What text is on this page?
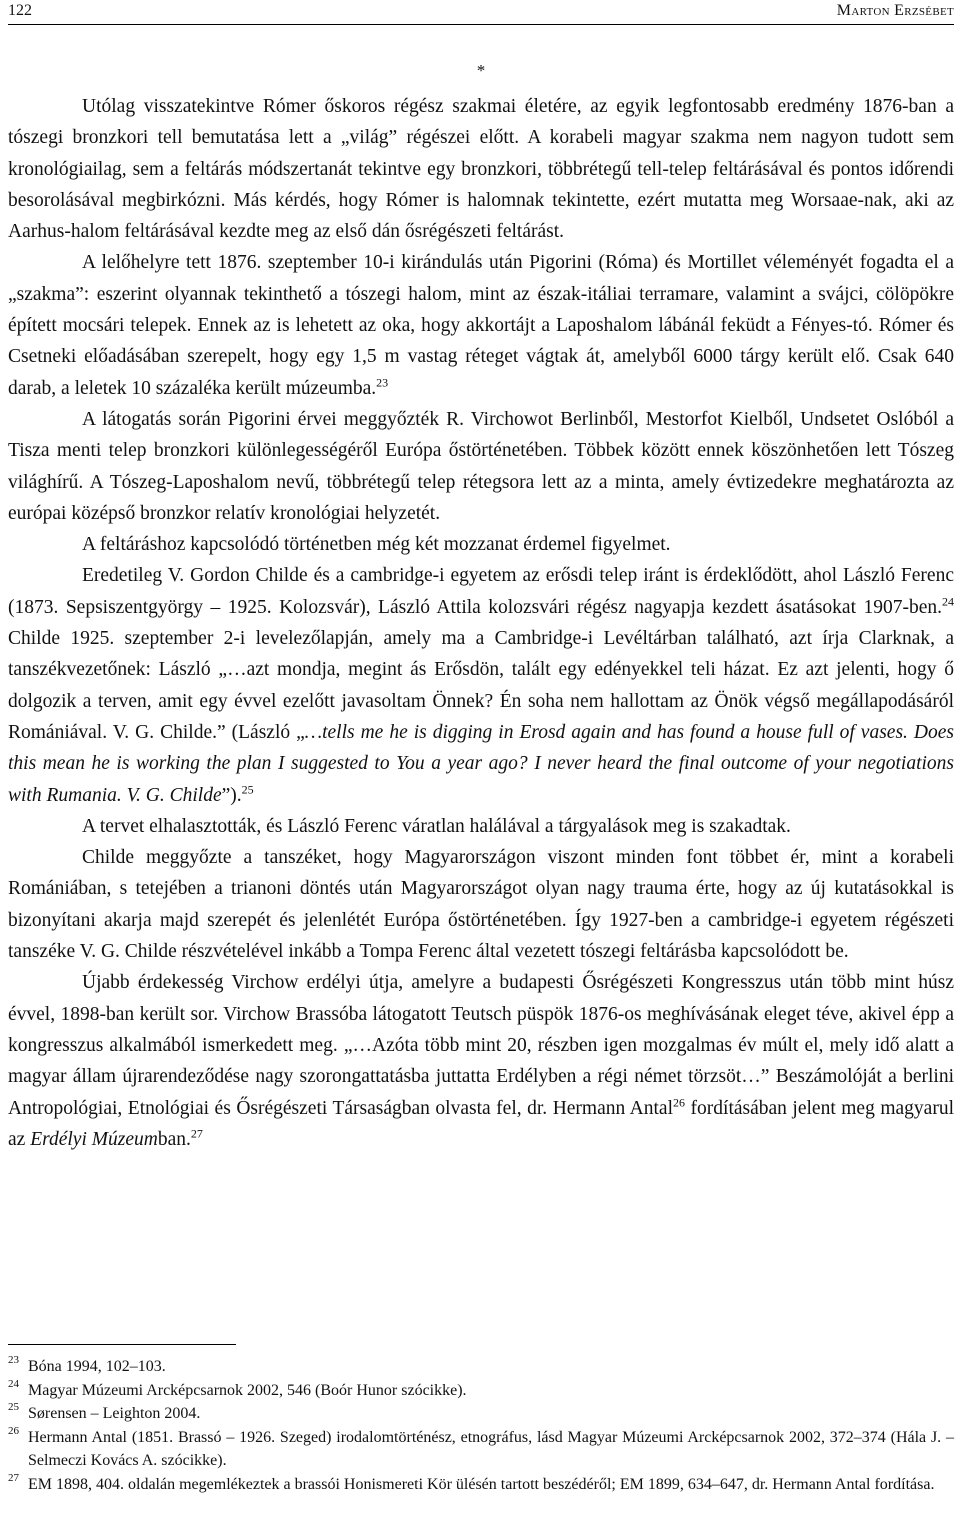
122	Marton Erzsébet
*

Utólag visszatekintve Rómer őskoros régész szakmai életére, az egyik legfontosabb eredmény 1876-ban a tószegi bronzkori tell bemutatása lett a „világ” régészei előtt. A korabeli magyar szakma nem nagyon tudott sem kronológiailag, sem a feltárás módszertanát tekintve egy bronzkori, többrétegű tell-telep feltárásával és pontos időrendi besorolásával megbirkózni. Más kérdés, hogy Rómer is halomnak tekintette, ezért mutatta meg Worsaae-nak, aki az Aarhus-halom feltárásával kezdte meg az első dán ősrégészeti feltárást.

A lelőhelyre tett 1876. szeptember 10-i kirándulás után Pigorini (Róma) és Mortillet véleményét fogadta el a „szakma”: eszerint olyannak tekinthető a tószegi halom, mint az észak-itáliai terramare, valamint a svájci, cölöpökre épített mocsári telepek. Ennek az is lehetett az oka, hogy akkortájt a Laposhalom lábánál feküdt a Fényes-tó. Rómer és Csetneki előadásában szerepelt, hogy egy 1,5 m vastag réteget vágtak át, amelyből 6000 tárgy került elő. Csak 640 darab, a leletek 10 százaléka került múzeumba.$^{23}$

A látogatás során Pigorini érvei meggyőzték R. Virchowot Berlinből, Mestorfot Kielből, Undsetet Oslóból a Tisza menti telep bronzkori különlegességéről Európa őstörténetében. Többek között ennek köszönhetően lett Tószeg világhírű. A Tószeg-Laposhalom nevű, többrétegű telep rétegsora lett az a minta, amely évtizedekre meghatározta az európai középső bronzkor relatív kronológiai helyzetét.

A feltáráshoz kapcsolódó történetben még két mozzanat érdemel figyelmet.

Eredetileg V. Gordon Childe és a cambridge-i egyetem az erősdi telep iránt is érdeklődött, ahol László Ferenc (1873. Sepsiszentgyörgy – 1925. Kolozsvár), László Attila kolozsvári régész nagyapja kezdett ásatásokat 1907-ben.$^{24}$ Childe 1925. szeptember 2-i levelezőlapján, amely ma a Cambridge-i Levéltárban található, azt írja Clarknak, a tanszékvezetőnek: László „…azt mondja, megint ás Erősdön, talált egy edényekkel teli házat. Ez azt jelenti, hogy ő dolgozik a terven, amit egy évvel ezelőtt javasoltam Önnek? Én soha nem hallottam az Önök végső megállapodásáról Romániával. V. G. Childe.” (László „…tells me he is digging in Erosd again and has found a house full of vases. Does this mean he is working the plan I suggested to You a year ago? I never heard the final outcome of your negotiations with Rumania. V. G. Childe”).$^{25}$

A tervet elhalasztották, és László Ferenc váratlan halálával a tárgyalások meg is szakadtak.

Childe meggyőzte a tanszéket, hogy Magyarországon viszont minden font többet ér, mint a korabeli Romániában, s tetejében a trianoni döntés után Magyarországot olyan nagy trauma érte, hogy az új kutatásokkal is bizonyítani akarja majd szerepét és jelenlétét Európa őstörténetében. Így 1927-ben a cambridge-i egyetem régészeti tanszéke V. G. Childe részvételével inkább a Tompa Ferenc által vezetett tószegi feltárásba kapcsolódott be.

Újabb érdekesség Virchow erdélyi útja, amelyre a budapesti Ősrégészeti Kongresszus után több mint húsz évvel, 1898-ban került sor. Virchow Brassóba látogatott Teutsch püspök 1876-os meghívásának eleget téve, akivel épp a kongresszus alkalmából ismerkedett meg. „…Azóta több mint 20, részben igen mozgalmas év múlt el, mely idő alatt a magyar állam újrarendeződése nagy szorongattatásba juttatta Erdélyben a régi német törzsöt…” Beszámolóját a berlini Antropológiai, Etnológiai és Ősrégészeti Társaságban olvasta fel, dr. Hermann Antal$^{26}$ fordításában jelent meg magyarul az Erdélyi Múzeumban.$^{27}$

23 Bóna 1994, 102–103.
24 Magyar Múzeumi Arcképcsarnok 2002, 546 (Boór Hunor szócikke).
25 Sørensen – Leighton 2004.
26 Hermann Antal (1851. Brassó – 1926. Szeged) irodalomtörténész, etnográfus, lásd Magyar Múzeumi Arcképcsarnok 2002, 372–374 (Hála J. – Selmeczi Kovács A. szócikke).
27 EM 1898, 404. oldalán megemlékeztek a brassói Honismereti Kör ülésén tartott beszédéről; EM 1899, 634–647, dr. Hermann Antal fordítása.
